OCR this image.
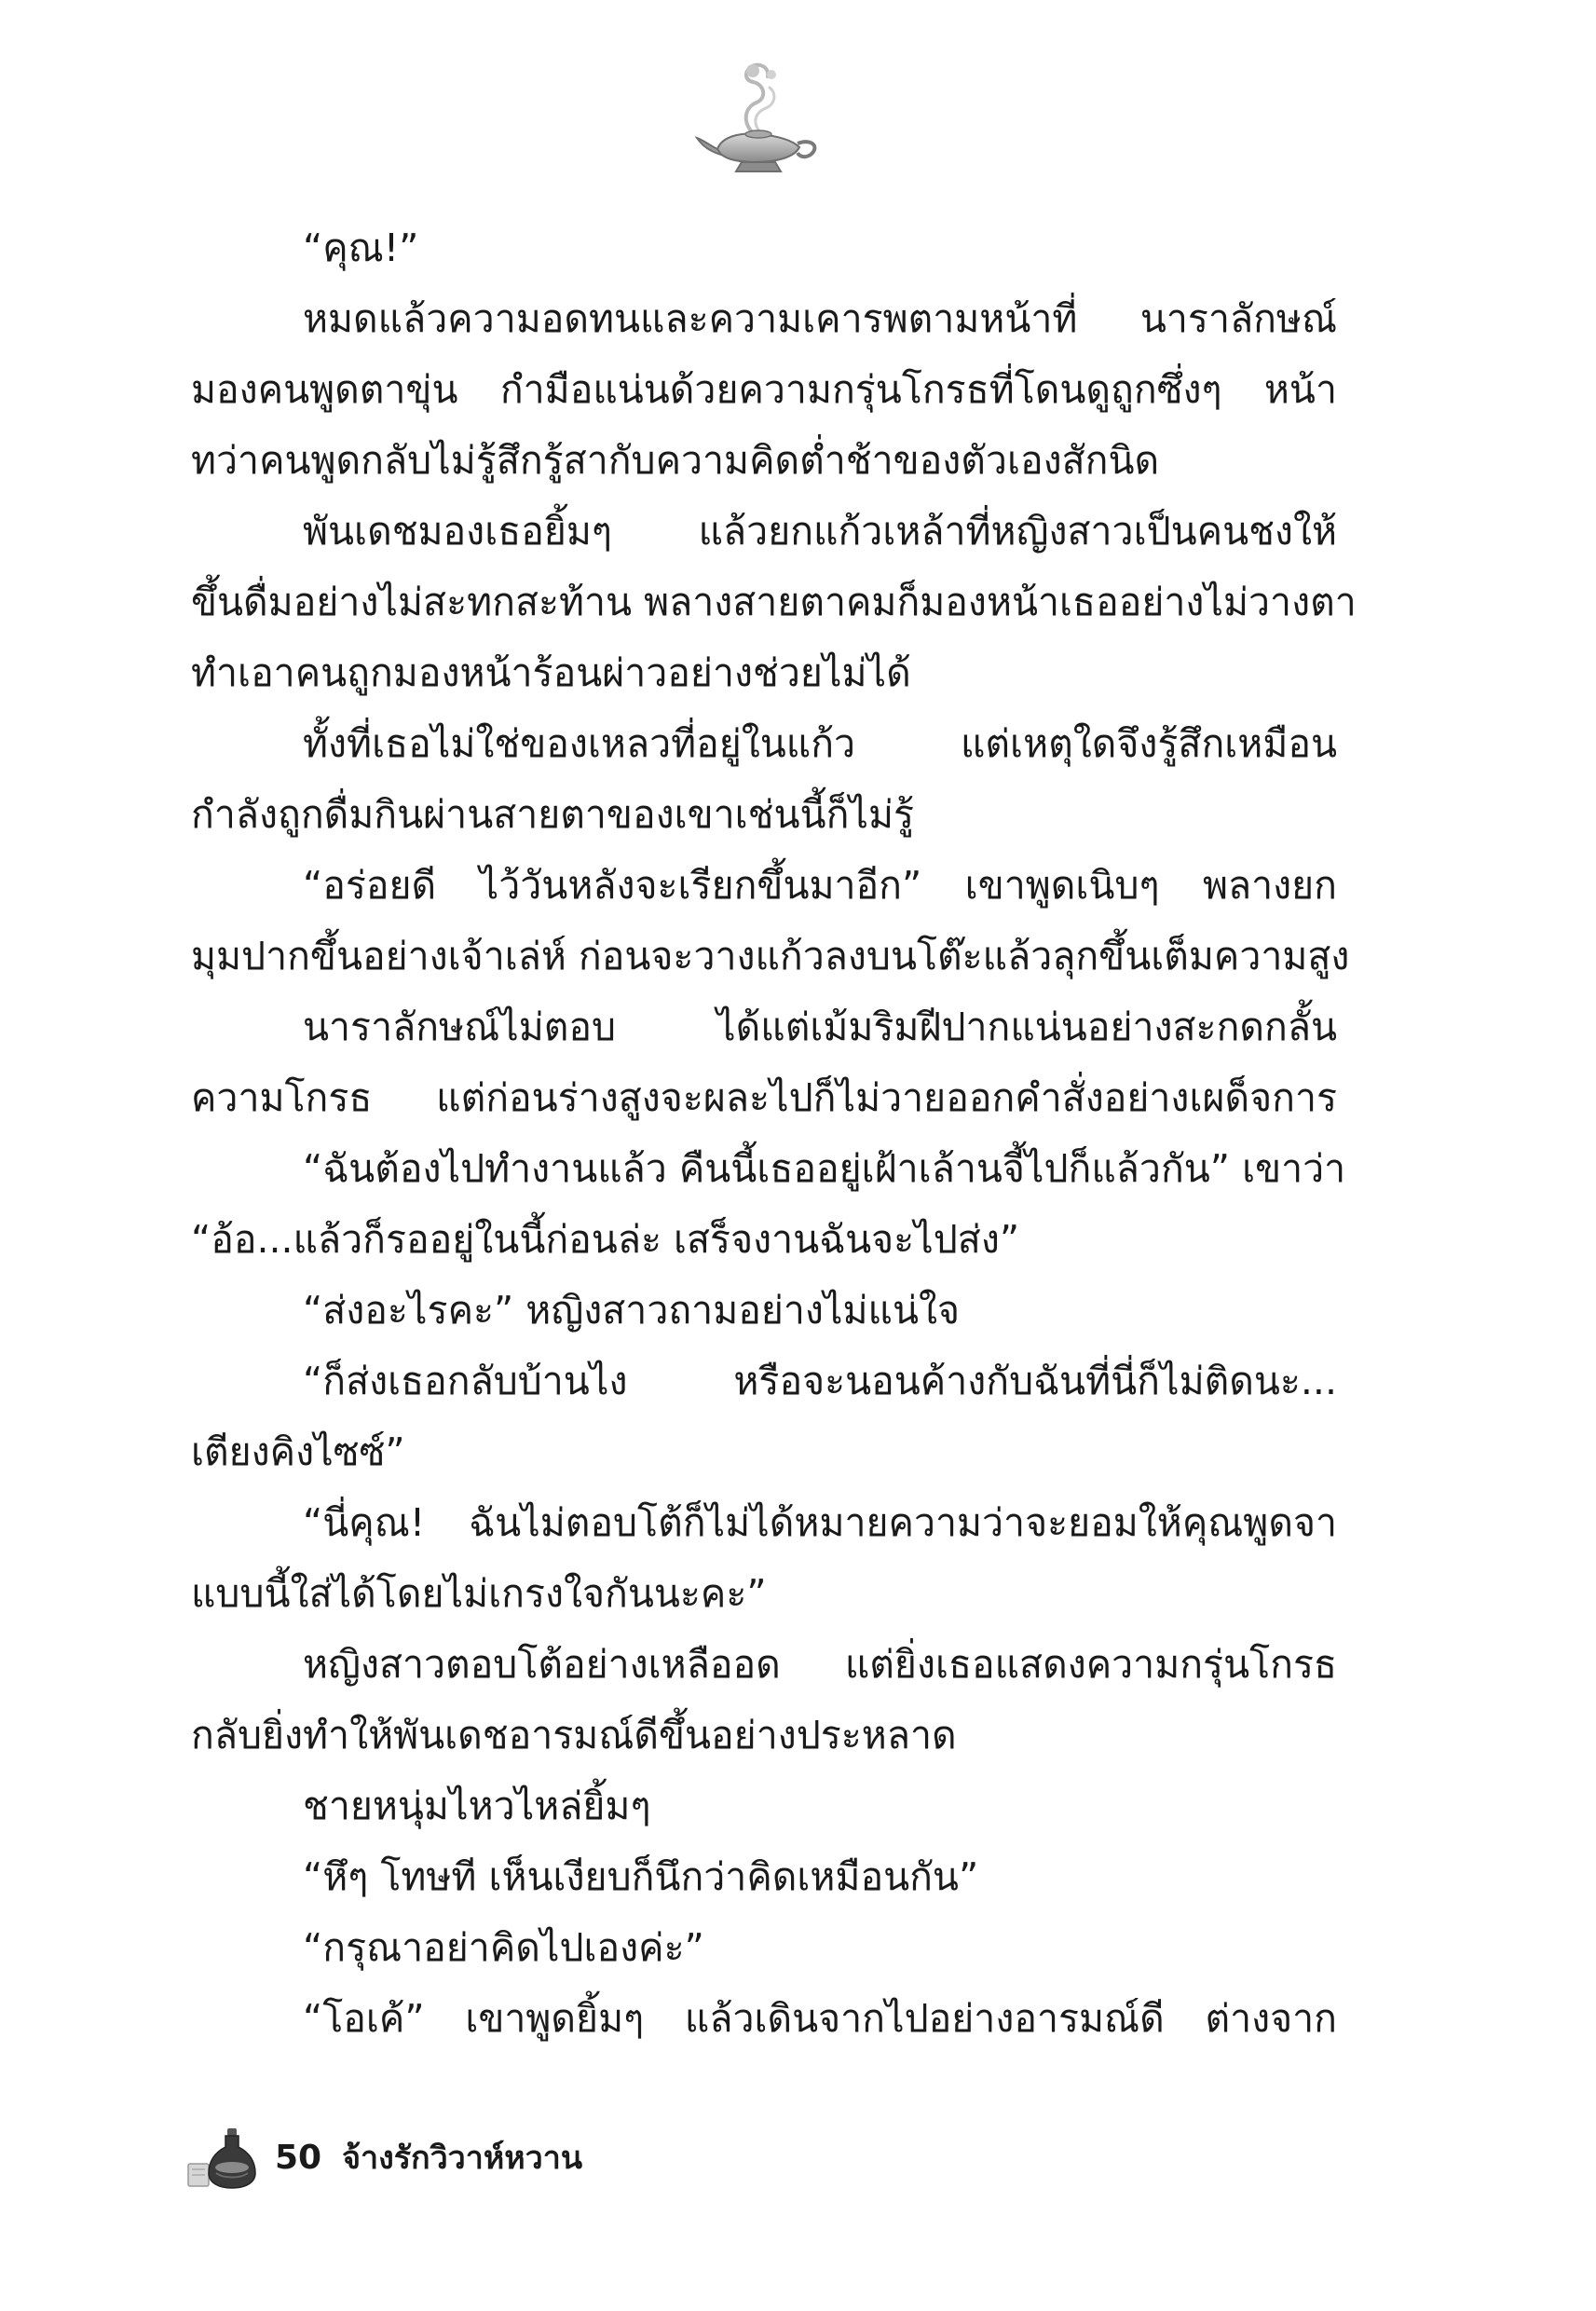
“คุณ!”
หมดแล้วความอดทนและความเคารพตามหน้าที่ นาราลักษณ์
มองคนพูดตาขุ่น กำมือแน่นด้วยความกรุ่นโกรธที่โดนดูถูกซึ่งๆ หน้า
ทว่าคนพูดกลับไม่รู้สึกรู้สากับความคิดต่ำช้าของตัวเองสักนิด
พันเดชมองเธอยิ้มๆ แล้วยกแก้วเหล้าที่หญิงสาวเป็นคนชงให้
ขึ้นดื่มอย่างไม่สะทกสะท้าน พลางสายตาคมก็มองหน้าเธออย่างไม่วางตา
ทำเอาคนถูกมองหน้าร้อนผ่าวอย่างช่วยไม่ได้
ทั้งที่เธอไม่ใช่ของเหลวที่อยู่ในแก้ว แต่เหตุใดจึงรู้สึกเหมือน
กำลังถูกดื่มกินผ่านสายตาของเขาเช่นนี้ก็ไม่รู้
“อร่อยดี ไว้วันหลังจะเรียกขึ้นมาอีก” เขาพูดเนิบๆ พลางยก
มุมปากขึ้นอย่างเจ้าเล่ห์ ก่อนจะวางแก้วลงบนโต๊ะแล้วลุกขึ้นเต็มความสูง
นาราลักษณ์ไม่ตอบ ได้แต่เม้มริมฝีปากแน่นอย่างสะกดกลั้น
ความโกรธ แต่ก่อนร่างสูงจะผละไปก็ไม่วายออกคำสั่งอย่างเผด็จการ
“ฉันต้องไปทำงานแล้ว คืนนี้เธออยู่เฝ้าเล้านจี้ไปก็แล้วกัน” เขาว่า
“อ้อ...แล้วก็รออยู่ในนี้ก่อนล่ะ เสร็จงานฉันจะไปส่ง”
“ส่งอะไรคะ” หญิงสาวถามอย่างไม่แน่ใจ
“ก็ส่งเธอกลับบ้านไง หรือจะนอนค้างกับฉันที่นี่ก็ไม่ติดนะ...
เตียงคิงไซซ์”
“นี่คุณ! ฉันไม่ตอบโต้ก็ไม่ได้หมายความว่าจะยอมให้คุณพูดจา
แบบนี้ใส่ได้โดยไม่เกรงใจกันนะคะ”
หญิงสาวตอบโต้อย่างเหลืออด แต่ยิ่งเธอแสดงความกรุ่นโกรธ
กลับยิ่งทำให้พันเดชอารมณ์ดีขึ้นอย่างประหลาด
ชายหนุ่มไหวไหล่ยิ้มๆ
“หึๆ โทษที เห็นเงียบก็นึกว่าคิดเหมือนกัน”
“กรุณาอย่าคิดไปเองค่ะ”
“โอเค้” เขาพูดยิ้มๆ แล้วเดินจากไปอย่างอารมณ์ดี ต่างจาก
50 จ้างรักวิวาห์หวาน
